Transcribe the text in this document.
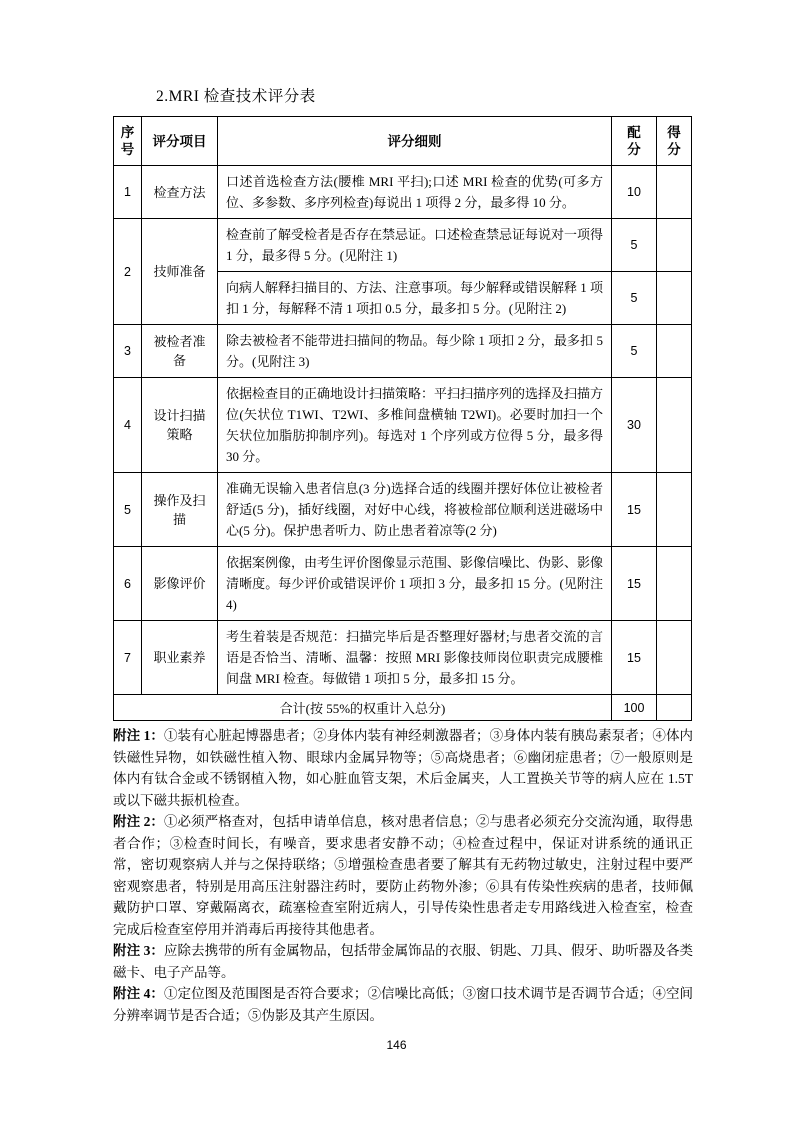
2.MRI 检查技术评分表
序号	评分项目	评分细则	配分	得分
1	检查方法	口述首选检查方法(腰椎 MRI 平扫);口述 MRI 检查的优势(可多方位、多参数、多序列检查)每说出 1 项得 2 分，最多得 10 分。	10	
2	技师准备	检查前了解受检者是否存在禁忌证。口述检查禁忌证每说对一项得 1 分，最多得 5 分。(见附注 1)	5	
		向病人解释扫描目的、方法、注意事项。每少解释或错误解释 1 项扣 1 分，每解释不清 1 项扣 0.5 分，最多扣 5 分。(见附注 2)	5	
3	被检者准备	除去被检者不能带进扫描间的物品。每少除 1 项扣 2 分，最多扣 5 分。(见附注 3)	5	
4	设计扫描策略	依据检查目的正确地设计扫描策略：平扫扫描序列的选择及扫描方位(矢状位 T1WI、T2WI、多椎间盘横轴 T2WI)。必要时加扫一个矢状位加脂肪抑制序列)。每选对 1 个序列或方位得 5 分，最多得 30 分。	30	
5	操作及扫描	准确无误输入患者信息(3 分)选择合适的线圈并摆好体位让被检者舒适(5 分)，插好线圈，对好中心线，将被检部位顺利送进磁场中心(5 分)。保护患者听力、防止患者着凉等(2 分)	15	
6	影像评价	依据案例像，由考生评价图像显示范围、影像信噪比、伪影、影像清晰度。每少评价或错误评价 1 项扣 3 分，最多扣 15 分。(见附注 4)	15	
7	职业素养	考生着装是否规范：扫描完毕后是否整理好器材;与患者交流的言语是否恰当、清晰、温馨：按照 MRI 影像技师岗位职责完成腰椎间盘 MRI 检查。每做错 1 项扣 5 分，最多扣 15 分。	15	
合计(按 55%的权重计入总分)			100	

附注 1：①装有心脏起博器患者；②身体内装有神经刺激器者；③身体内装有胰岛素泵者；④体内铁磁性异物，如铁磁性植入物、眼球内金属异物等；⑤高烧患者；⑥幽闭症患者；⑦一般原则是体内有钛合金或不锈钢植入物，如心脏血管支架，术后金属夹，人工置换关节等的病人应在 1.5T 或以下磁共振机检查。

附注 2：①必须严格查对，包括申请单信息，核对患者信息；②与患者必须充分交流沟通，取得患者合作；③检查时间长，有噪音，要求患者安静不动；④检查过程中，保证对讲系统的通讯正常，密切观察病人并与之保持联络；⑤增强检查患者要了解其有无药物过敏史，注射过程中要严密观察患者，特别是用高压注射器注药时，要防止药物外渗；⑥具有传染性疾病的患者，技师佩戴防护口罩、穿戴隔离衣，疏塞检查室附近病人，引导传染性患者走专用路线进入检查室，检查完成后检查室停用并消毒后再接待其他患者。

附注 3：应除去携带的所有金属物品，包括带金属饰品的衣服、钥匙、刀具、假牙、助听器及各类磁卡、电子产品等。

附注 4：①定位图及范围图是否符合要求；②信噪比高低；③窗口技术调节是否调节合适；④空间分辨率调节是否合适；⑤伪影及其产生原因。

146
